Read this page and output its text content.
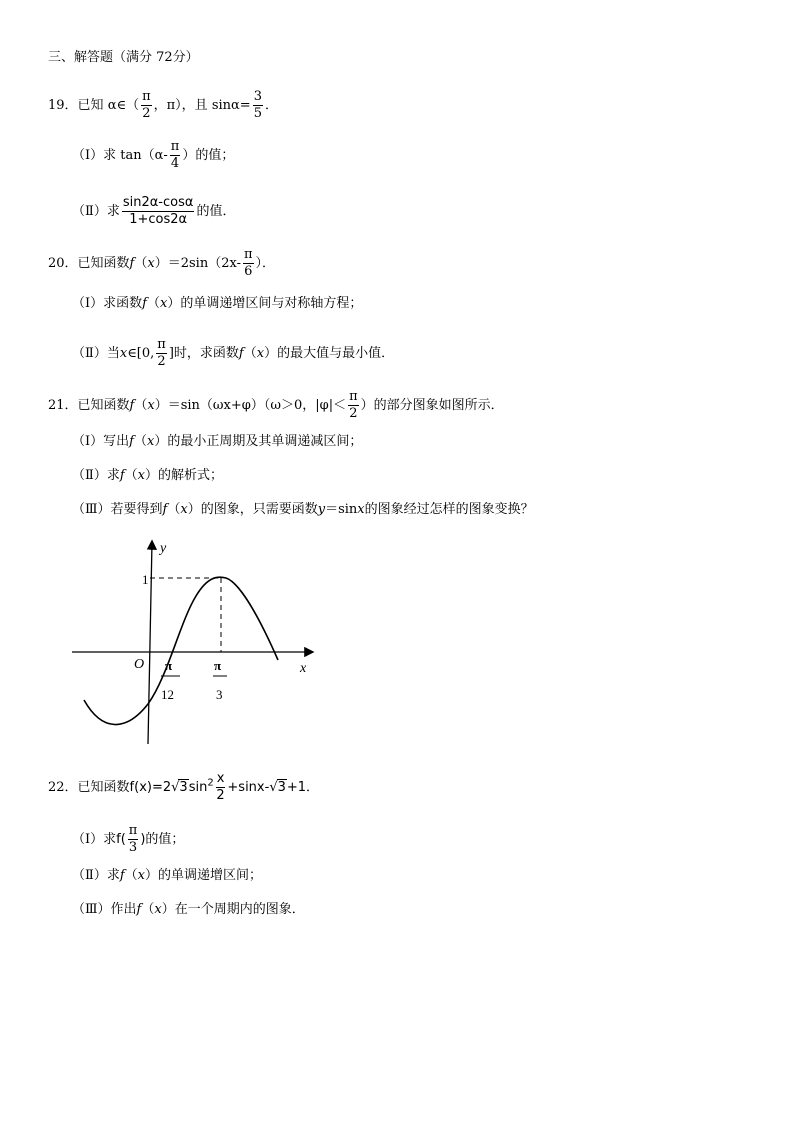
三、解答题（满分 72分）
19．已知 α∈（ $\frac{\pi}{2}$ ，π），且 $\sin\alpha= \frac{3}{5}$ ．
（Ⅰ）求 $\tan(\alpha- \frac{\pi}{4}$ ）的值；
（Ⅱ）求 $\frac{\sin 2\alpha-\cos\alpha}{1+\cos 2\alpha}$ 的值．
20．已知函数$f(x)=2\sin(2x- \frac{\pi}{6}$ ）．
（Ⅰ）求函数f（x）的单调递增区间与对称轴方程；
（Ⅱ）当x∈[0, $\frac{\pi}{2}$ ]时，求函数f（x）的最大值与最小值．
21．已知函数f（x）＝sin（ωx+φ）（ω＞0，$|\varphi|< \frac{\pi}{2}$ ）的部分图象如图所示．
（Ⅰ）写出f（x）的最小正周期及其单调递减区间；
（Ⅱ）求f（x）的解析式；
（Ⅲ）若要得到f（x）的图象，只需要函数y＝sinx的图象经过怎样的图象变换？
y
x
O
1
π
12
π
3
22．已知函数$f(x)=2√3\sin^2 \frac{x}{2} +\sin x-√3+1$．
（Ⅰ）求$f( \frac{\pi}{3}$ )的值；
（Ⅱ）求f（x）的单调递增区间；
（Ⅲ）作出f（x）在一个周期内的图象．
